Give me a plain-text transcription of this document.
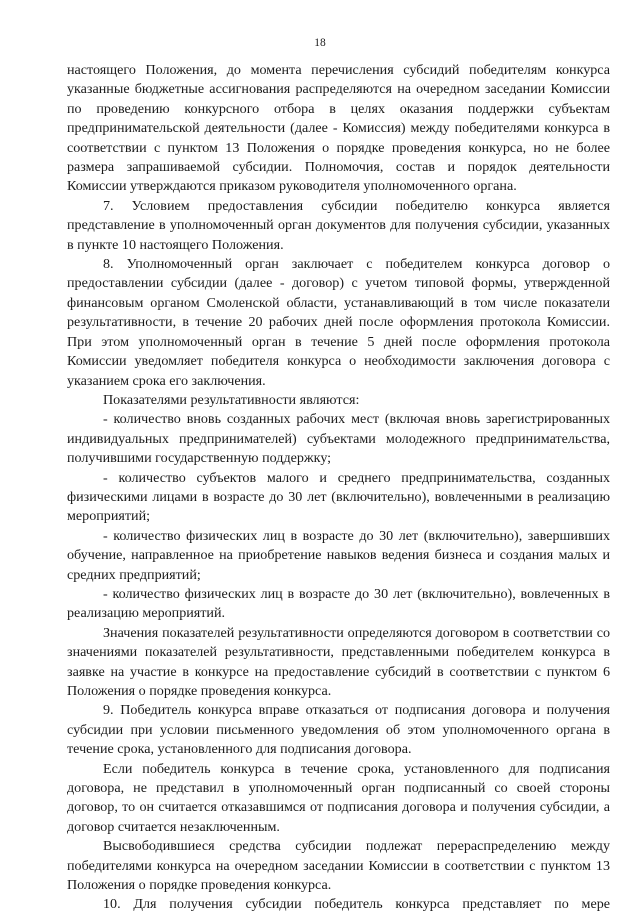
18

настоящего Положения, до момента перечисления субсидий победителям конкурса указанные бюджетные ассигнования распределяются на очередном заседании Комиссии по проведению конкурсного отбора в целях оказания поддержки субъектам предпринимательской деятельности (далее - Комиссия) между победителями конкурса в соответствии с пунктом 13 Положения о порядке проведения конкурса, но не более размера запрашиваемой субсидии. Полномочия, состав и порядок деятельности Комиссии утверждаются приказом руководителя уполномоченного органа.

7. Условием предоставления субсидии победителю конкурса является представление в уполномоченный орган документов для получения субсидии, указанных в пункте 10 настоящего Положения.

8. Уполномоченный орган заключает с победителем конкурса договор о предоставлении субсидии (далее - договор) с учетом типовой формы, утвержденной финансовым органом Смоленской области, устанавливающий в том числе показатели результативности, в течение 20 рабочих дней после оформления протокола Комиссии. При этом уполномоченный орган в течение 5 дней после оформления протокола Комиссии уведомляет победителя конкурса о необходимости заключения договора с указанием срока его заключения.

Показателями результативности являются:

- количество вновь созданных рабочих мест (включая вновь зарегистрированных индивидуальных предпринимателей) субъектами молодежного предпринимательства, получившими государственную поддержку;

- количество субъектов малого и среднего предпринимательства, созданных физическими лицами в возрасте до 30 лет (включительно), вовлеченными в реализацию мероприятий;

- количество физических лиц в возрасте до 30 лет (включительно), завершивших обучение, направленное на приобретение навыков ведения бизнеса и создания малых и средних предприятий;

- количество физических лиц в возрасте до 30 лет (включительно), вовлеченных в реализацию мероприятий.

Значения показателей результативности определяются договором в соответствии со значениями показателей результативности, представленными победителем конкурса в заявке на участие в конкурсе на предоставление субсидий в соответствии с пунктом 6 Положения о порядке проведения конкурса.

9. Победитель конкурса вправе отказаться от подписания договора и получения субсидии при условии письменного уведомления об этом уполномоченного органа в течение срока, установленного для подписания договора.

Если победитель конкурса в течение срока, установленного для подписания договора, не представил в уполномоченный орган подписанный со своей стороны договор, то он считается отказавшимся от подписания договора и получения субсидии, а договор считается незаключенным.

Высвободившиеся средства субсидии подлежат перераспределению между победителями конкурса на очередном заседании Комиссии в соответствии с пунктом 13 Положения о порядке проведения конкурса.

10. Для получения субсидии победитель конкурса представляет по мере
